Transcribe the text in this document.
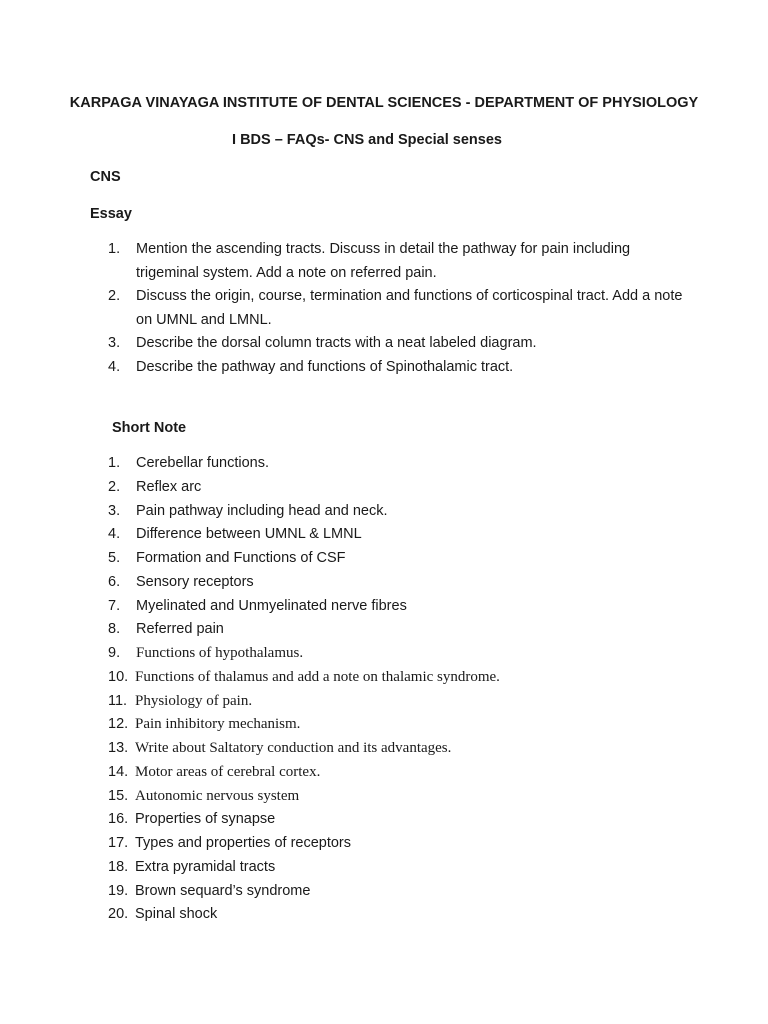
KARPAGA VINAYAGA INSTITUTE OF DENTAL SCIENCES - DEPARTMENT OF PHYSIOLOGY
I BDS – FAQs- CNS and Special senses
CNS
Essay
1.	Mention the ascending tracts. Discuss in detail the pathway for pain including trigeminal system. Add a note on referred pain.
2.	Discuss the origin, course, termination and functions of corticospinal tract. Add a note on UMNL and LMNL.
3.	Describe the dorsal column tracts with a neat labeled diagram.
4.	Describe the pathway and functions of Spinothalamic tract.
Short Note
1.	Cerebellar functions.
2.	Reflex arc
3.	Pain pathway including head and neck.
4.	Difference between UMNL & LMNL
5.	Formation and Functions of CSF
6.	Sensory receptors
7.	Myelinated and Unmyelinated nerve fibres
8.	Referred pain
9.	Functions of hypothalamus.
10. Functions of thalamus and add a note on thalamic syndrome.
11. Physiology of pain.
12. Pain inhibitory mechanism.
13. Write about Saltatory conduction and its advantages.
14. Motor areas of cerebral cortex.
15. Autonomic nervous system
16. Properties of synapse
17. Types and properties of receptors
18. Extra pyramidal tracts
19. Brown sequard’s syndrome
20. Spinal shock
